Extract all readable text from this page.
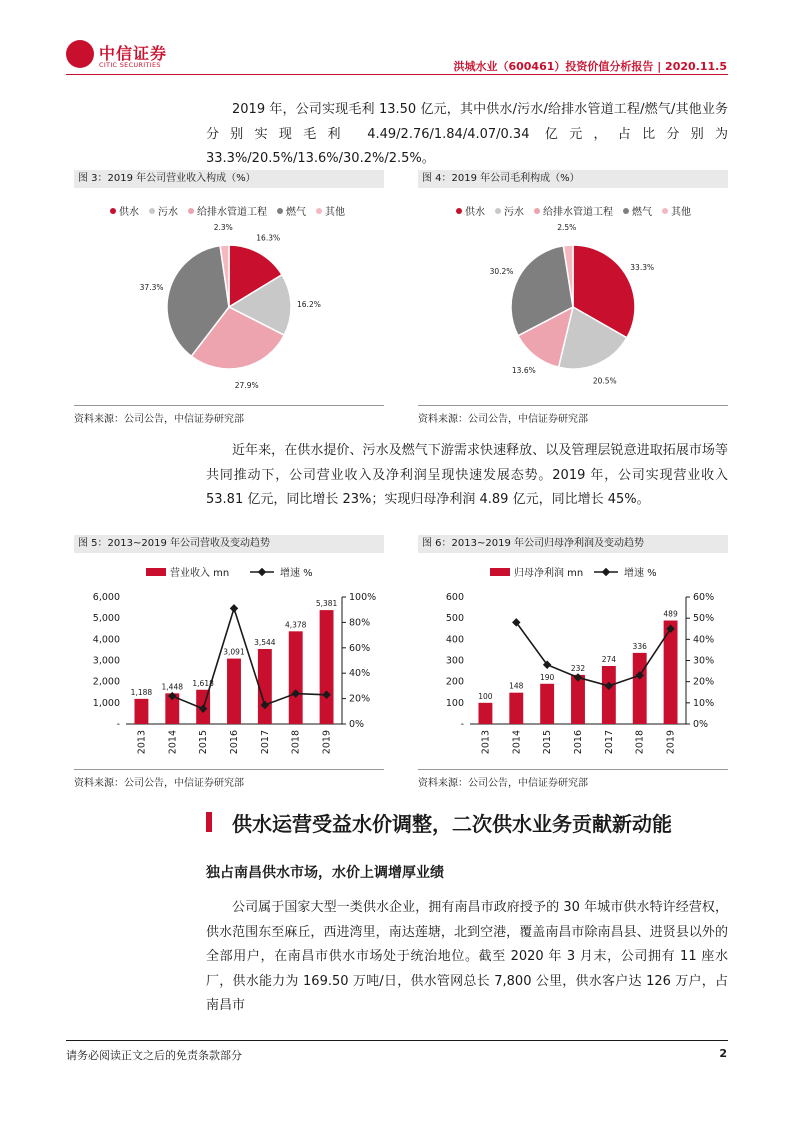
中信证券
CITIC SECURITIES	洪城水业（600461）投资价值分析报告 | 2020.11.5

2019 年，公司实现毛利 13.50 亿元，其中供水/污水/给排水管道工程/燃气/其他业务分别实现毛利 4.49/2.76/1.84/4.07/0.34 亿元，占比分别为 33.3%/20.5%/13.6%/30.2%/2.5%。

图 3：2019 年公司营业收入构成（%）
供水 污水 给排水管道工程 燃气 其他
16.3%
16.2%
27.9%
37.3%
2.3%
资料来源：公司公告，中信证券研究部
图 4：2019 年公司毛利构成（%）
供水 污水 给排水管道工程 燃气 其他
33.3%
20.5%
13.6%
30.2%
2.5%
资料来源：公司公告，中信证券研究部

近年来，在供水提价、污水及燃气下游需求快速释放、以及管理层锐意进取拓展市场等共同推动下，公司营业收入及净利润呈现快速发展态势。2019 年，公司实现营业收入 53.81 亿元，同比增长 23%；实现归母净利润 4.89 亿元，同比增长 45%。

图 5：2013~2019 年公司营收及变动趋势
营业收入 mn	增速 %
-
1,000
2,000
3,000
4,000
5,000
6,000
0%
20%
40%
60%
80%
100%
1,188
2013
1,448
2014
1,618
2015
3,091
2016
3,544
2017
4,378
2018
5,381
2019
资料来源：公司公告，中信证券研究部
图 6：2013~2019 年公司归母净利润及变动趋势
归母净利润 mn	增速 %
-
100
200
300
400
500
600
0%
10%
20%
30%
40%
50%
60%
100
2013
148
2014
190
2015
232
2016
274
2017
336
2018
489
2019
资料来源：公司公告，中信证券研究部
供水运营受益水价调整，二次供水业务贡献新动能
独占南昌供水市场，水价上调增厚业绩

公司属于国家大型一类供水企业，拥有南昌市政府授予的 30 年城市供水特许经营权，供水范围东至麻丘，西进湾里，南达莲塘，北到空港，覆盖南昌市除南昌县、进贤县以外的全部用户，在南昌市供水市场处于统治地位。截至 2020 年 3 月末，公司拥有 11 座水厂，供水能力为 169.50 万吨/日，供水管网总长 7,800 公里，供水客户达 126 万户，占南昌市

请务必阅读正文之后的免责条款部分	2
